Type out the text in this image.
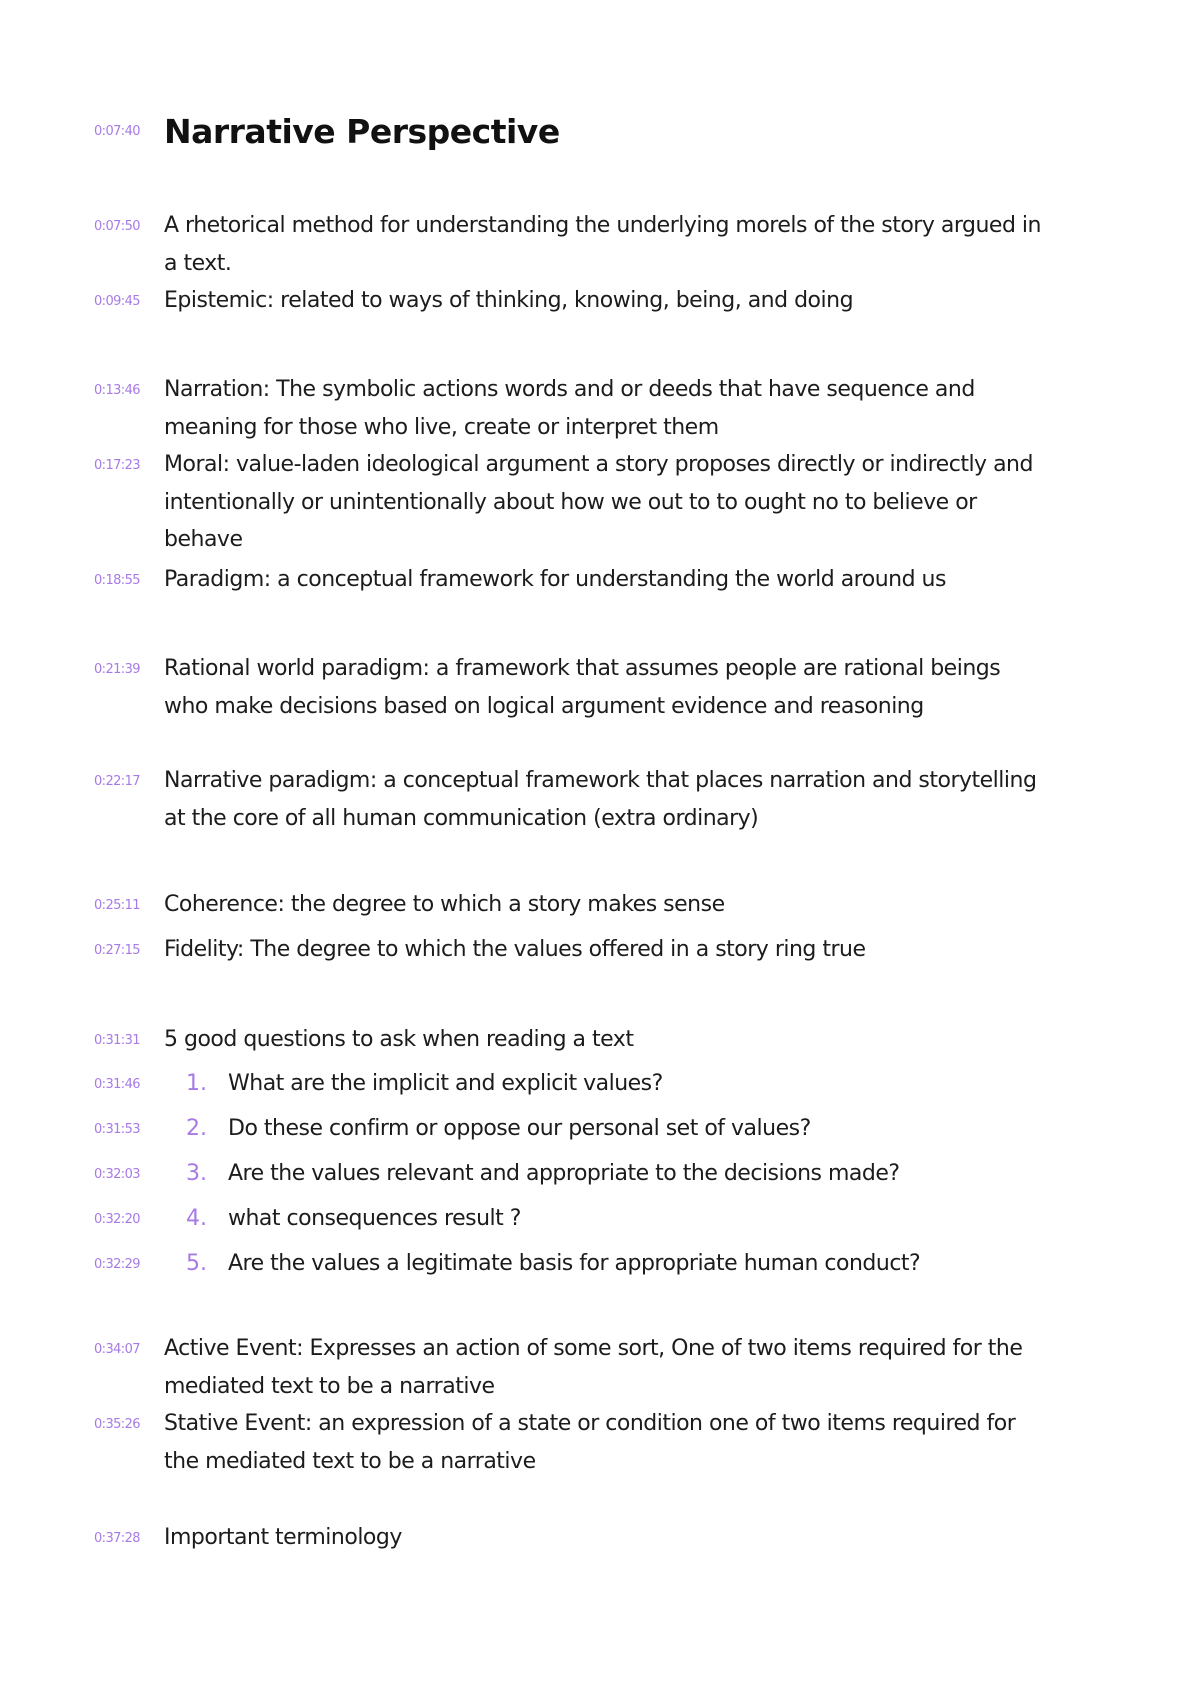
0:07:40 Narrative Perspective
0:07:50 A rhetorical method for understanding the underlying morels of the story argued in a text.
0:09:45 Epistemic: related to ways of thinking, knowing, being, and doing
0:13:46 Narration: The symbolic actions words and or deeds that have sequence and meaning for those who live, create or interpret them
0:17:23 Moral: value-laden ideological argument a story proposes directly or indirectly and intentionally or unintentionally about how we out to to ought no to believe or behave
0:18:55 Paradigm: a conceptual framework for understanding the world around us
0:21:39 Rational world paradigm: a framework that assumes people are rational beings who make decisions based on logical argument evidence and reasoning
0:22:17 Narrative paradigm: a conceptual framework that places narration and storytelling at the core of all human communication (extra ordinary)
0:25:11 Coherence: the degree to which a story makes sense
0:27:15 Fidelity: The degree to which the values offered in a story ring true
0:31:31 5 good questions to ask when reading a text
0:31:46 1. What are the implicit and explicit values?
0:31:53 2. Do these confirm or oppose our personal set of values?
0:32:03 3. Are the values relevant and appropriate to the decisions made?
0:32:20 4. what consequences result ?
0:32:29 5. Are the values a legitimate basis for appropriate human conduct?
0:34:07 Active Event: Expresses an action of some sort, One of two items required for the mediated text to be a narrative
0:35:26 Stative Event: an expression of a state or condition one of two items required for the mediated text to be a narrative
0:37:28 Important terminology
